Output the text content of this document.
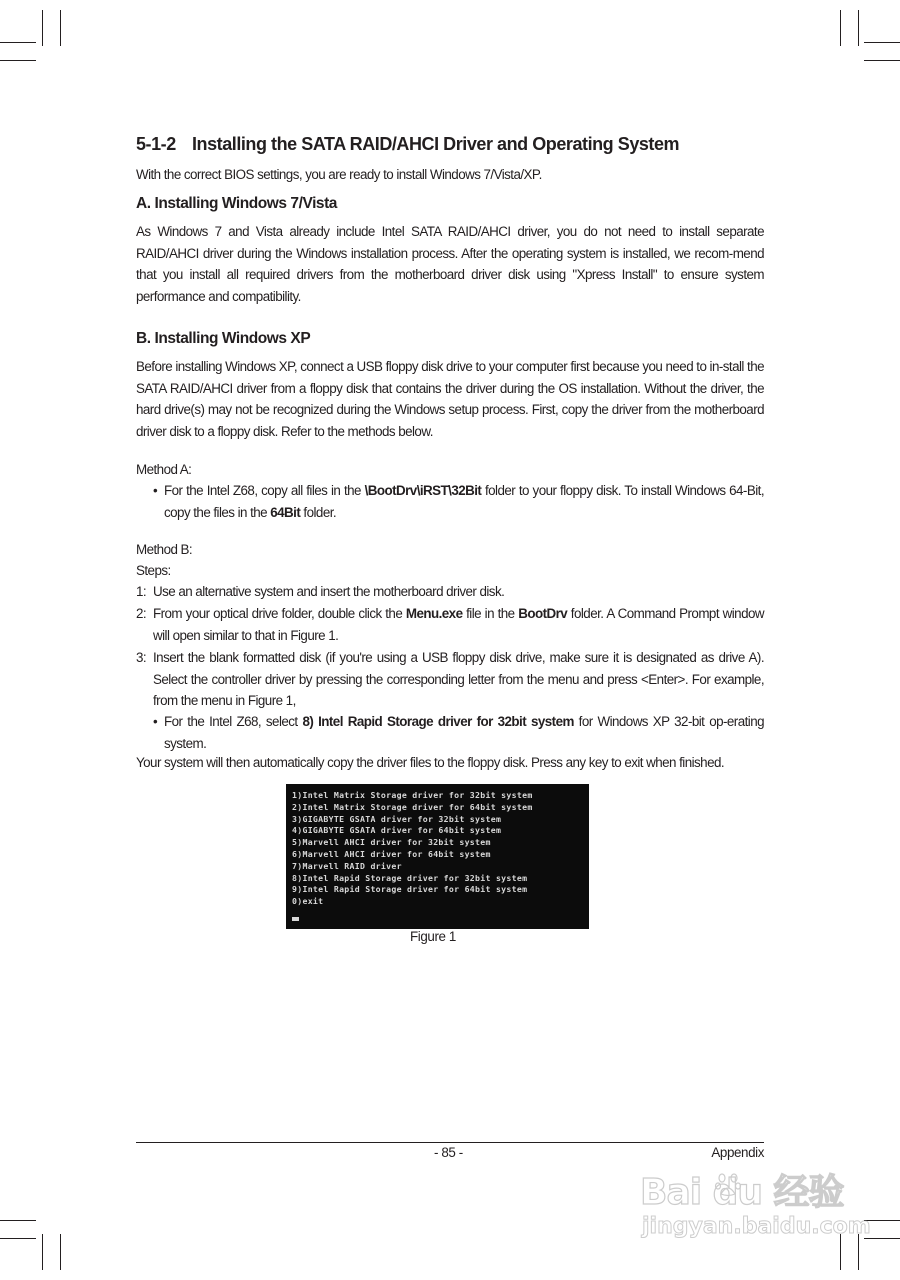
5-1-2 Installing the SATA RAID/AHCI Driver and Operating System

With the correct BIOS settings, you are ready to install Windows 7/Vista/XP.

A. Installing Windows 7/Vista

As Windows 7 and Vista already include Intel SATA RAID/AHCI driver, you do not need to install separate RAID/AHCI driver during the Windows installation process. After the operating system is installed, we recom-mend that you install all required drivers from the motherboard driver disk using "Xpress Install" to ensure system performance and compatibility.

B. Installing Windows XP

Before installing Windows XP, connect a USB floppy disk drive to your computer first because you need to in-stall the SATA RAID/AHCI driver from a floppy disk that contains the driver during the OS installation. Without the driver, the hard drive(s) may not be recognized during the Windows setup process. First, copy the driver from the motherboard driver disk to a floppy disk. Refer to the methods below.

Method A:
• For the Intel Z68, copy all files in the \BootDrv\iRST\32Bit folder to your floppy disk. To install Windows 64-Bit, copy the files in the 64Bit folder.
Method B:
Steps:
1: Use an alternative system and insert the motherboard driver disk.
2: From your optical drive folder, double click the Menu.exe file in the BootDrv folder. A Command Prompt window will open similar to that in Figure 1.
3: Insert the blank formatted disk (if you're using a USB floppy disk drive, make sure it is designated as drive A). Select the controller driver by pressing the corresponding letter from the menu and press <Enter>. For example, from the menu in Figure 1,
• For the Intel Z68, select 8) Intel Rapid Storage driver for 32bit system for Windows XP 32-bit op-erating system.

Your system will then automatically copy the driver files to the floppy disk. Press any key to exit when finished.

1)Intel Matrix Storage driver for 32bit system
2)Intel Matrix Storage driver for 64bit system
3)GIGABYTE GSATA driver for 32bit system
4)GIGABYTE GSATA driver for 64bit system
5)Marvell AHCI driver for 32bit system
6)Marvell AHCI driver for 64bit system
7)Marvell RAID driver
8)Intel Rapid Storage driver for 32bit system
9)Intel Rapid Storage driver for 64bit system
0)exit
Figure 1
- 85 -	Appendix
Bai du 经验
jingyan.baidu.com
